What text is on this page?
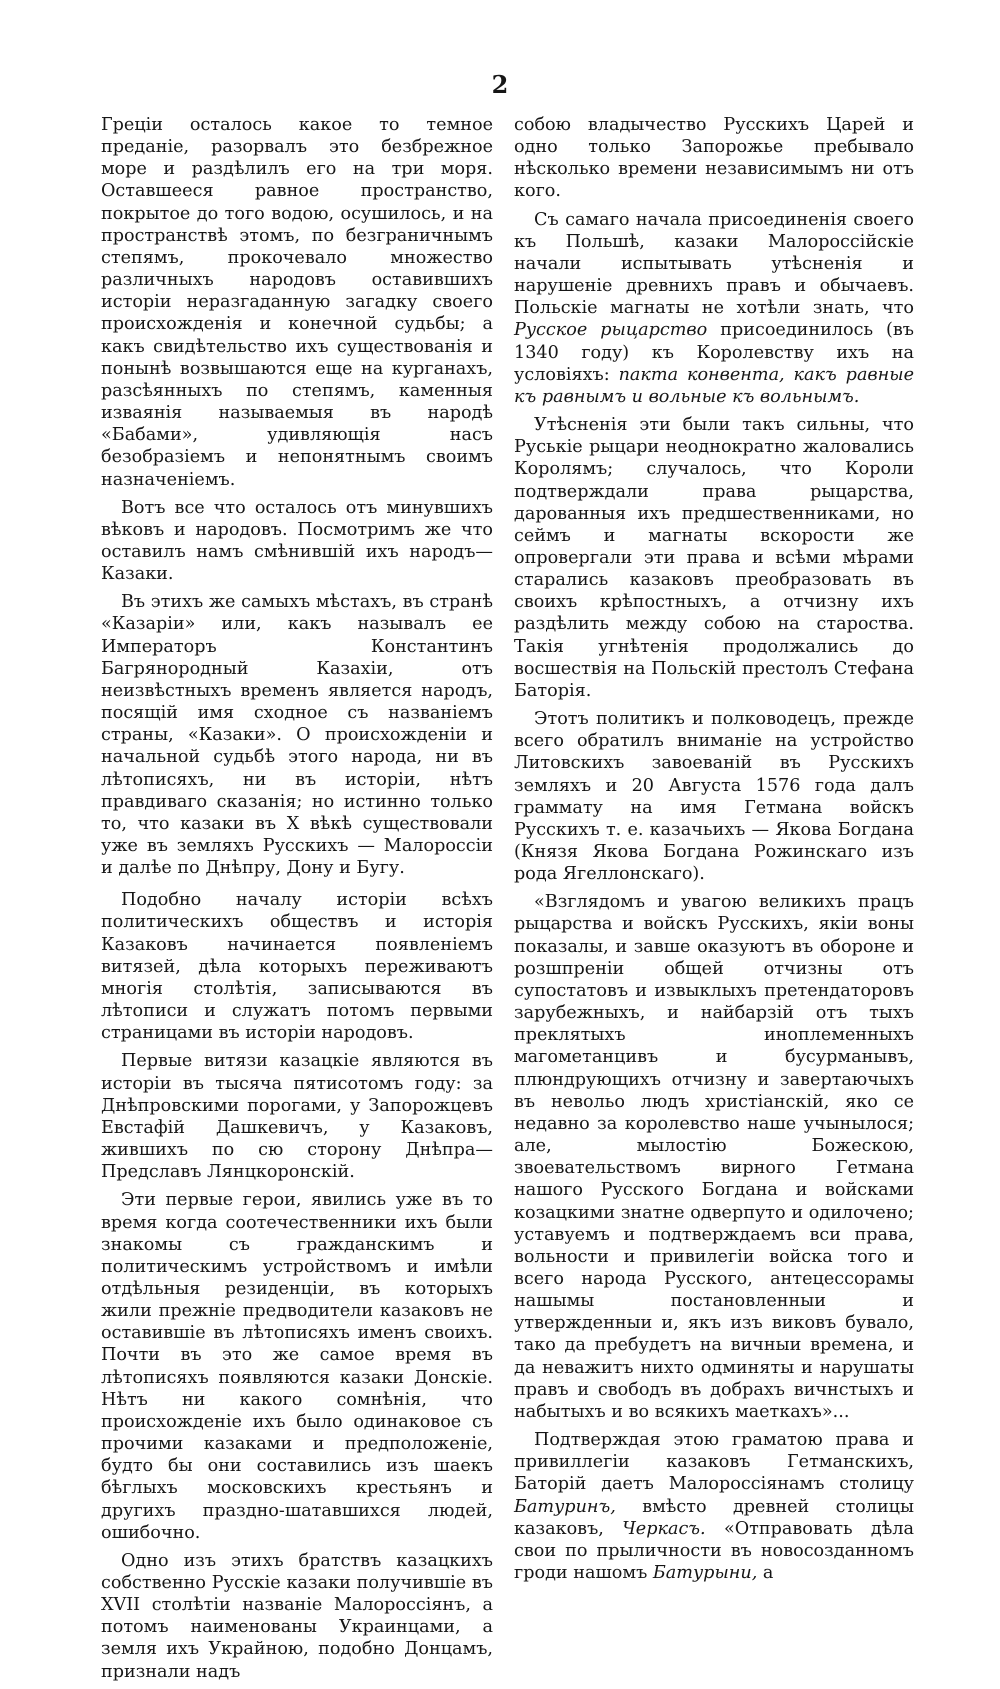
2

Греціи осталось какое то темное преданіе, разорвалъ это безбрежное море и раздѣлилъ его на три моря. Оставшееся равное пространство, покрытое до того водою, осушилось, и на пространствѣ этомъ, по безграничнымъ степямъ, прокочевало множество различныхъ народовъ оставившихъ исторіи неразгаданную загадку своего происхожденія и конечной судьбы; а какъ свидѣтельство ихъ существованія и понынѣ возвышаются еще на курганахъ, разсѣянныхъ по степямъ, каменныя изваянія называемыя въ народѣ «Бабами», удивляющія насъ безобразіемъ и непонятнымъ своимъ назначеніемъ.

Вотъ все что осталось отъ минувшихъ вѣковъ и народовъ. Посмотримъ же что оставилъ намъ смѣнившій ихъ народъ—Казаки.

Въ этихъ же самыхъ мѣстахъ, въ странѣ «Казаріи» или, какъ называлъ ее Императоръ Константинъ Багрянородный Казахіи, отъ неизвѣстныхъ временъ является народъ, посящій имя сходное съ названіемъ страны, «Казаки». О происхожденіи и начальной судьбѣ этого народа, ни въ лѣтописяхъ, ни въ исторіи, нѣтъ правдиваго сказанія; но истинно только то, что казаки въ X вѣкѣ существовали уже въ земляхъ Русскихъ — Малороссіи и далѣе по Днѣпру, Дону и Бугу.

Подобно началу исторіи всѣхъ политическихъ обществъ и исторія Казаковъ начинается появленіемъ витязей, дѣла которыхъ переживаютъ многія столѣтія, записываются въ лѣтописи и служатъ потомъ первыми страницами въ исторіи народовъ.

Первые витязи казацкіе являются въ исторіи въ тысяча пятисотомъ году: за Днѣпровскими порогами, у Запорожцевъ Евстафій Дашкевичъ, у Казаковъ, жившихъ по сю сторону Днѣпра—Предславъ Лянцкоронскій.

Эти первые герои, явились уже въ то время когда соотечественники ихъ были знакомы съ гражданскимъ и политическимъ устройствомъ и имѣли отдѣльныя резиденціи, въ которыхъ жили прежніе предводители казаковъ не оставившіе въ лѣтописяхъ именъ своихъ. Почти въ это же самое время въ лѣтописяхъ появляются казаки Донскіе. Нѣтъ ни какого сомнѣнія, что происхожденіе ихъ было одинаковое съ прочими казаками и предположеніе, будто бы они составились изъ шаекъ бѣглыхъ московскихъ крестьянъ и другихъ праздно-шатавшихся людей, ошибочно.

Одно изъ этихъ братствъ казацкихъ собственно Русскіе казаки получившіе въ XVII столѣтіи названіе Малороссіянъ, а потомъ наименованы Украинцами, а земля ихъ Украйною, подобно Донцамъ, признали надъ

собою владычество Русскихъ Царей и одно только Запорожье пребывало нѣсколько времени независимымъ ни отъ кого.

Съ самаго начала присоединенія своего къ Польшѣ, казаки Малороссійскіе начали испытывать утѣсненія и нарушеніе древнихъ правъ и обычаевъ. Польскіе магнаты не хотѣли знать, что Русское рыцарство присоединилось (въ 1340 году) къ Королевству ихъ на условіяхъ: пакта конвента, какъ равные къ равнымъ и вольные къ вольнымъ.

Утѣсненія эти были такъ сильны, что Руськіе рыцари неоднократно жаловались Королямъ; случалось, что Короли подтверждали права рыцарства, дарованныя ихъ предшественниками, но сеймъ и магнаты вскорости же опровергали эти права и всѣми мѣрами старались казаковъ преобразовать въ своихъ крѣпостныхъ, а отчизну ихъ раздѣлить между собою на староства. Такія угнѣтенія продолжались до восшествія на Польскій престолъ Стефана Баторія.

Этотъ политикъ и полководецъ, прежде всего обратилъ вниманіе на устройство Литовскихъ завоеваній въ Русскихъ земляхъ и 20 Августа 1576 года далъ граммату на имя Гетмана войскъ Русскихъ т. е. казачьихъ — Якова Богдана (Князя Якова Богдана Рожинскаго изъ рода Ягеллонскаго).

«Взглядомъ и увагою великихъ працъ рыцарства и войскъ Русскихъ, якіи воны показалы, и завше оказуютъ въ обороне и розшпреніи общей отчизны отъ супостатовъ и извыклыхъ претендаторовъ зарубежныхъ, и найбарзій отъ тыхъ преклятыхъ иноплеменныхъ магометанцивъ и бусурманывъ, плюндрующихъ отчизну и завертаючыхъ въ невольо людъ христіанскій, яко се недавно за королевство наше учынылося; але, мылостію Божескою, звоевательствомъ вирного Гетмана нашого Русского Богдана и войсками козацкими знатне одверпуто и одилочено; уставуемъ и подтверждаемъ вси права, вольности и привилегіи войска того и всего народа Русского, антецессорамы нашымы постановленныи и утвержденныи и, якъ изъ виковъ бувало, тако да пребудетъ на вичныи времена, и да неважитъ нихто одминяты и нарушаты правъ и свободъ въ добрахъ вичнстыхъ и набытыхъ и во всякихъ маеткахъ»...

Подтверждая этою граматою права и привиллегіи казаковъ Гетманскихъ, Баторій даетъ Малороссіянамъ столицу Батуринъ, вмѣсто древней столицы казаковъ, Черкасъ. «Отправовать дѣла свои по прыличности въ новосозданномъ гроди нашомъ Батурыни, а
